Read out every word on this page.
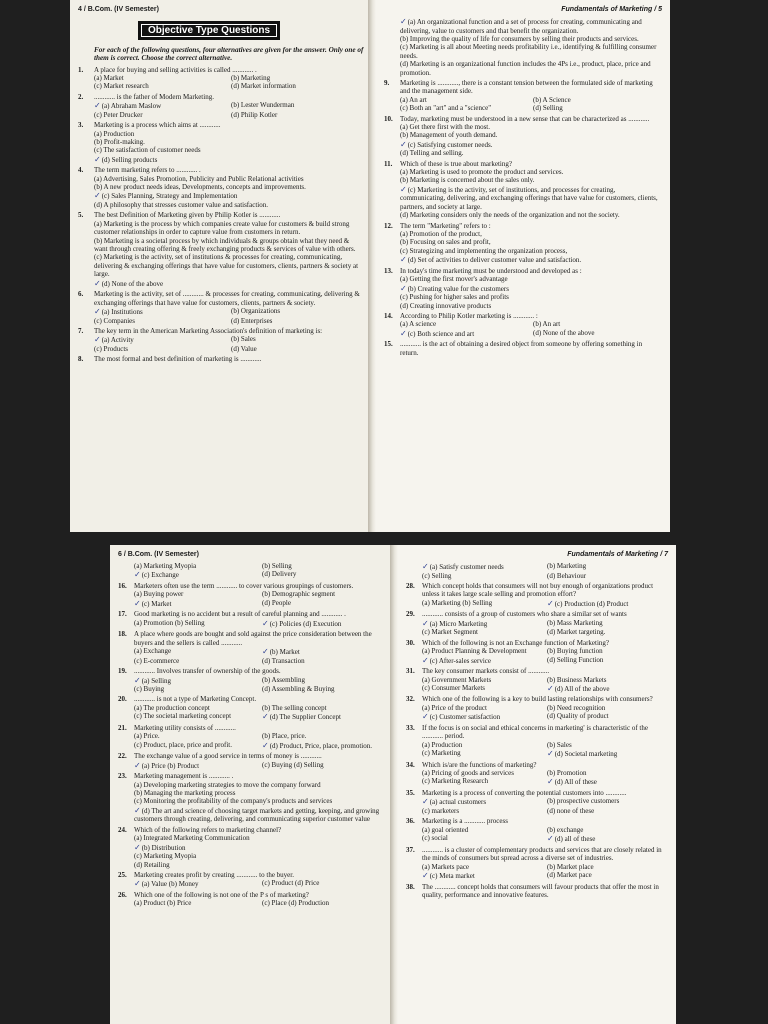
4 / B.Com. (IV Semester)
Objective Type Questions
For each of the following questions, four alternatives are given for the answer. Only one of them is correct. Choose the correct alternative.
1.	A place for buying and selling activities is called ............ .
(a) Market	(b) Marketing
(c) Market research	(d) Market information
2.	............ is the father of Modern Marketing.
✓(a) Abraham Maslow	(b) Lester Wunderman
(c) Peter Drucker	(d) Philip Kotler
3.	Marketing is a process which aims at ............
(a) Production
(b) Profit-making.
(c) The satisfaction of customer needs
✓(d) Selling products
4.	The term marketing refers to ............ .
(a) Advertising, Sales Promotion, Publicity and Public Relational activities
(b) A new product needs ideas, Developments, concepts and improvements.
✓(c) Sales Planning, Strategy and Implementation
(d) A philosophy that stresses customer value and satisfaction.
5.	The best Definition of Marketing given by Philip Kotler is ............
(a) Marketing is the process by which companies create value for customers & build strong customer relationships in order to capture value from customers in return.
(b) Marketing is a societal process by which individuals & groups obtain what they need & want through creating offering & freely exchanging products & services of value with others.
(c) Marketing is the activity, set of institutions & processes for creating, communicating, delivering & exchanging offerings that have value for customers, clients, partners & society at large.
✓(d) None of the above
6.	Marketing is the activity, set of ............ & processes for creating, communicating, delivering & exchanging offerings that have value for customers, clients, partners & society.
✓(a) Institutions	(b) Organizations
(c) Companies	(d) Enterprises
7.	The key term in the American Marketing Association's definition of marketing is:
✓(a) Activity	(b) Sales
(c) Products	(d) Value
8.	The most formal and best definition of marketing is ............
Fundamentals of Marketing / 5
✓(a) An organizational function and a set of process for creating, communicating and delivering, value to customers and that benefit the organization.
(b) Improving the quality of life for consumers by selling their products and services.
(c) Marketing is all about Meeting needs profitability i.e., identifying & fulfilling consumer needs.
(d) Marketing is an organizational function includes the 4Ps i.e., product, place, price and promotion.
9.	Marketing is ............, there is a constant tension between the formulated side of marketing and the management side.
(a) An art	(b) A Science
(c) Both an "art" and a "science"	(d) Selling
10.	Today, marketing must be understood in a new sense that can be characterized as ............
(a) Get there first with the most.
(b) Management of youth demand.
✓(c) Satisfying customer needs.
(d) Telling and selling.
11.	Which of these is true about marketing?
(a) Marketing is used to promote the product and services.
(b) Marketing is concerned about the sales only.
✓(c) Marketing is the activity, set of institutions, and processes for creating, communicating, delivering, and exchanging offerings that have value for customers, clients, partners, and society at large.
(d) Marketing considers only the needs of the organization and not the society.
12.	The term "Marketing" refers to :
(a) Promotion of the product,
(b) Focusing on sales and profit,
(c) Strategizing and implementing the organization process,
✓(d) Set of activities to deliver customer value and satisfaction.
13.	In today's time marketing must be understood and developed as :
(a) Getting the first mover's advantage
✓(b) Creating value for the customers
(c) Pushing for higher sales and profits
(d) Creating innovative products
14.	According to Philip Kotler marketing is ............ :
(a) A science	(b) An art
✓(c) Both science and art	(d) None of the above
15.	............ is the act of obtaining a desired object from someone by offering something in return.
6 / B.Com. (IV Semester)
(a) Marketing Myopia	(b) Selling
✓(c) Exchange	(d) Delivery
16.	Marketers often use the term ............ to cover various groupings of customers.
(a) Buying power	(b) Demographic segment
✓(c) Market	(d) People
17.	Good marketing is no accident but a result of careful planning and ............ .
(a) Promotion (b) Selling	✓(c) Policies (d) Execution
18.	A place where goods are bought and sold against the price consideration between the buyers and the sellers is called ............
(a) Exchange	✓(b) Market
(c) E-commerce	(d) Transaction
19.	............ Involves transfer of ownership of the goods.
✓(a) Selling	(b) Assembling
(c) Buying	(d) Assembling & Buying
20.	............ is not a type of Marketing Concept.
(a) The production concept	(b) The selling concept
(c) The societal marketing concept	✓(d) The Supplier Concept
21.	Marketing utility consists of ............
(a) Price.	(b) Place, price.
(c) Product, place, price and profit.	✓(d) Product, Price, place, promotion.
22.	The exchange value of a good service in terms of money is ............
✓(a) Price (b) Product	(c) Buying (d) Selling
23.	Marketing management is ............ .
(a) Developing marketing strategies to move the company forward
(b) Managing the marketing process
(c) Monitoring the profitability of the company's products and services
✓(d) The art and science of choosing target markets and getting, keeping, and growing customers through creating, delivering, and communicating superior customer value
24.	Which of the following refers to marketing channel?
(a) Integrated Marketing Communication
✓(b) Distribution
(c) Marketing Myopia
(d) Retailing
25.	Marketing creates profit by creating ............ to the buyer.
✓(a) Value (b) Money	(c) Product (d) Price
26.	Which one of the following is not one of the P s of marketing?
(a) Product (b) Price	(c) Place (d) Production
Fundamentals of Marketing / 7
✓(a) Satisfy customer needs	(b) Marketing
(c) Selling	(d) Behaviour
28.	Which concept holds that consumers will not buy enough of organizations product unless it takes large scale selling and promotion effort?
(a) Marketing (b) Selling	✓(c) Production (d) Product
29.	............ consists of a group of customers who share a similar set of wants
✓(a) Micro Marketing	(b) Mass Marketing
(c) Market Segment	(d) Market targeting.
30.	Which of the following is not an Exchange function of Marketing?
(a) Product Planning & Development	(b) Buying function
✓(c) After-sales service	(d) Selling Function
31.	The key consumer markets consist of ............
(a) Government Markets	(b) Business Markets
(c) Consumer Markets	✓(d) All of the above
32.	Which one of the following is a key to build lasting relationships with consumers?
(a) Price of the product	(b) Need recognition
✓(c) Customer satisfaction	(d) Quality of product
33.	If the focus is on social and ethical concerns in marketing' is characteristic of the ............ period.
(a) Production	(b) Sales
(c) Marketing	✓(d) Societal marketing
34.	Which is/are the functions of marketing?
(a) Pricing of goods and services	(b) Promotion
(c) Marketing Research	✓(d) All of these
35.	Marketing is a process of converting the potential customers into ............
✓(a) actual customers	(b) prospective customers
(c) marketers	(d) none of these
36.	Marketing is a ............ process
(a) goal oriented	(b) exchange
(c) social	✓(d) all of these
37.	............ is a cluster of complementary products and services that are closely related in the minds of consumers but spread across a diverse set of industries.
(a) Markets pace	(b) Market place
✓(c) Meta market	(d) Market pace
38.	The ............ concept holds that consumers will favour products that offer the most in quality, performance and innovative features.
